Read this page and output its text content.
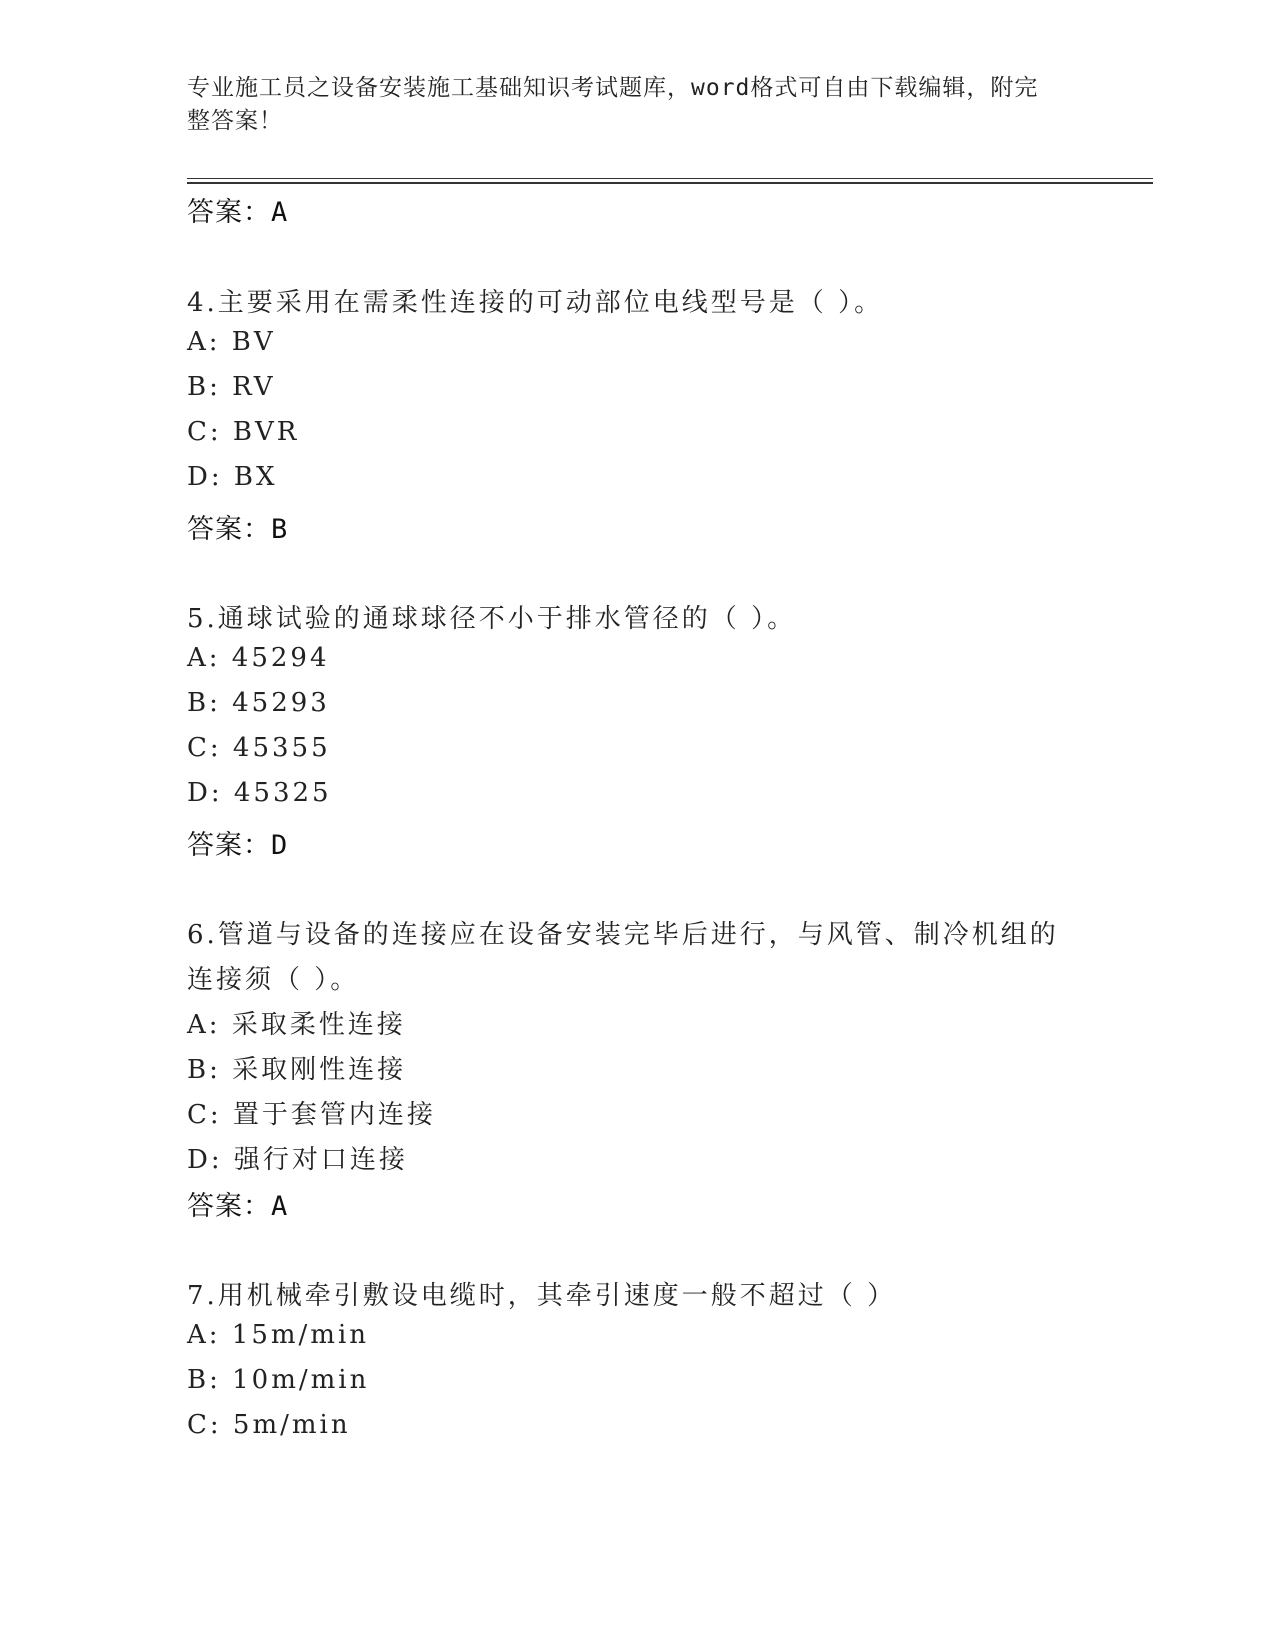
专业施工员之设备安装施工基础知识考试题库，word格式可自由下载编辑，附完
整答案！
答案：A
4.主要采用在需柔性连接的可动部位电线型号是（ ）。
A: BV
B: RV
C: BVR
D: BX
答案：B
5.通球试验的通球球径不小于排水管径的（ ）。
A: 45294
B: 45293
C: 45355
D: 45325
答案：D
6.管道与设备的连接应在设备安装完毕后进行，与风管、制冷机组的
连接须（ ）。
A: 采取柔性连接
B: 采取刚性连接
C: 置于套管内连接
D: 强行对口连接
答案：A
7.用机械牵引敷设电缆时，其牵引速度一般不超过（ ）
A: 15m/min
B: 10m/min
C: 5m/min
